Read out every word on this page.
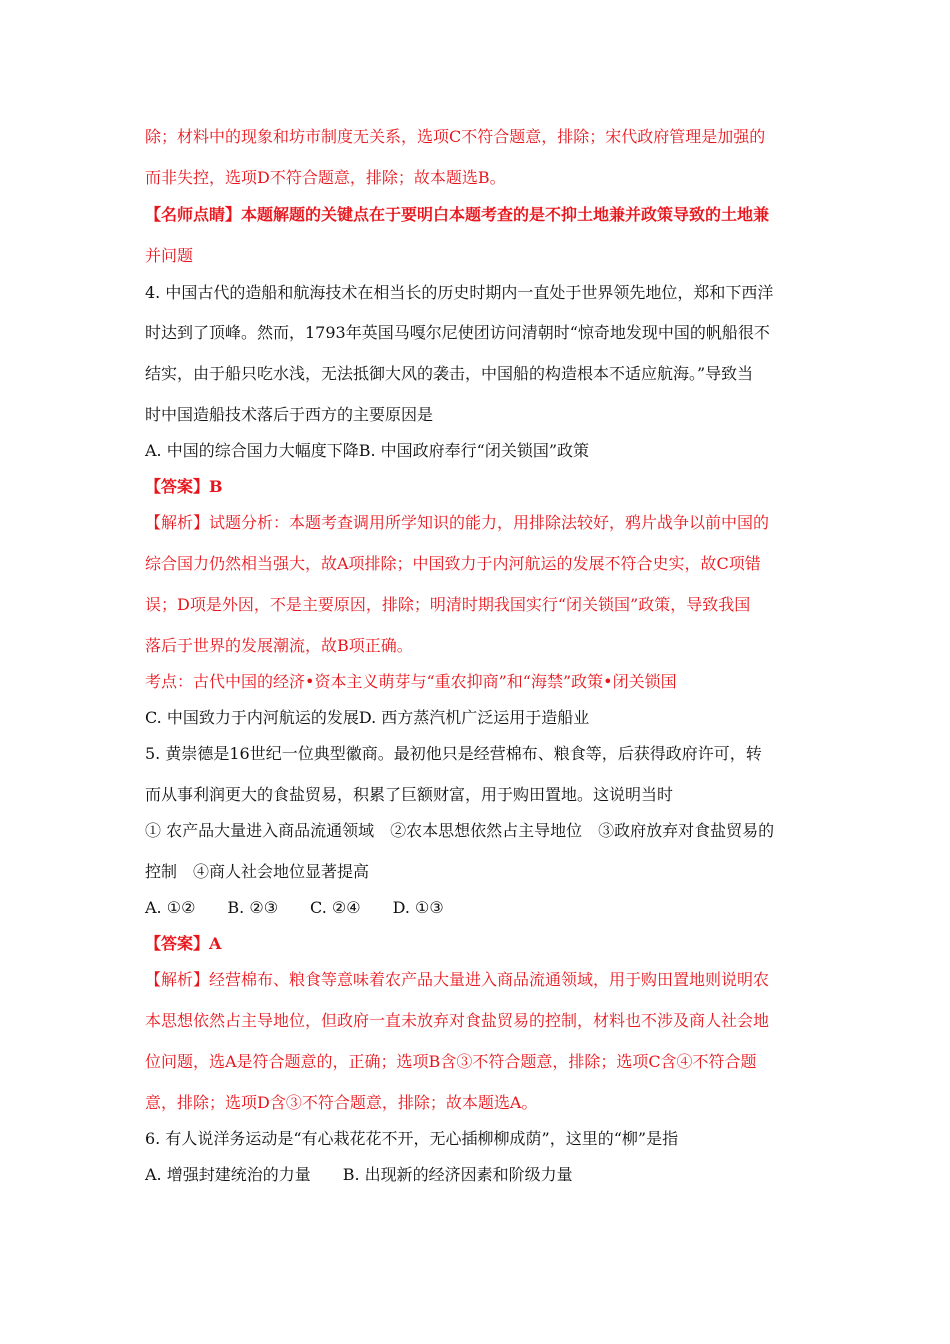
除；材料中的现象和坊市制度无关系，选项C不符合题意，排除；宋代政府管理是加强的
而非失控，选项D不符合题意，排除；故本题选B。
【名师点睛】本题解题的关键点在于要明白本题考查的是不抑土地兼并政策导致的土地兼
并问题
4. 中国古代的造船和航海技术在相当长的历史时期内一直处于世界领先地位，郑和下西洋
时达到了顶峰。然而，1793年英国马嘎尔尼使团访问清朝时“惊奇地发现中国的帆船很不
结实，由于船只吃水浅，无法抵御大风的袭击，中国船的构造根本不适应航海。”导致当
时中国造船技术落后于西方的主要原因是
A. 中国的综合国力大幅度下降B. 中国政府奉行“闭关锁国”政策
【答案】B
【解析】试题分析：本题考查调用所学知识的能力，用排除法较好，鸦片战争以前中国的
综合国力仍然相当强大，故A项排除；中国致力于内河航运的发展不符合史实，故C项错
误；D项是外因，不是主要原因，排除；明清时期我国实行“闭关锁国”政策，导致我国
落后于世界的发展潮流，故B项正确。
考点：古代中国的经济•资本主义萌芽与“重农抑商”和“海禁”政策•闭关锁国
C. 中国致力于内河航运的发展D. 西方蒸汽机广泛运用于造船业
5. 黄崇德是16世纪一位典型徽商。最初他只是经营棉布、粮食等，后获得政府许可，转
而从事利润更大的食盐贸易，积累了巨额财富，用于购田置地。这说明当时
① 农产品大量进入商品流通领域　②农本思想依然占主导地位　③政府放弃对食盐贸易的
控制　④商人社会地位显著提高
A. ①②　　B. ②③　　C. ②④　　D. ①③
【答案】A
【解析】经营棉布、粮食等意味着农产品大量进入商品流通领域，用于购田置地则说明农
本思想依然占主导地位，但政府一直未放弃对食盐贸易的控制，材料也不涉及商人社会地
位问题，选A是符合题意的，正确；选项B含③不符合题意，排除；选项C含④不符合题
意，排除；选项D含③不符合题意，排除；故本题选A。
6. 有人说洋务运动是“有心栽花花不开，无心插柳柳成荫”，这里的“柳”是指
A. 增强封建统治的力量　　B. 出现新的经济因素和阶级力量
